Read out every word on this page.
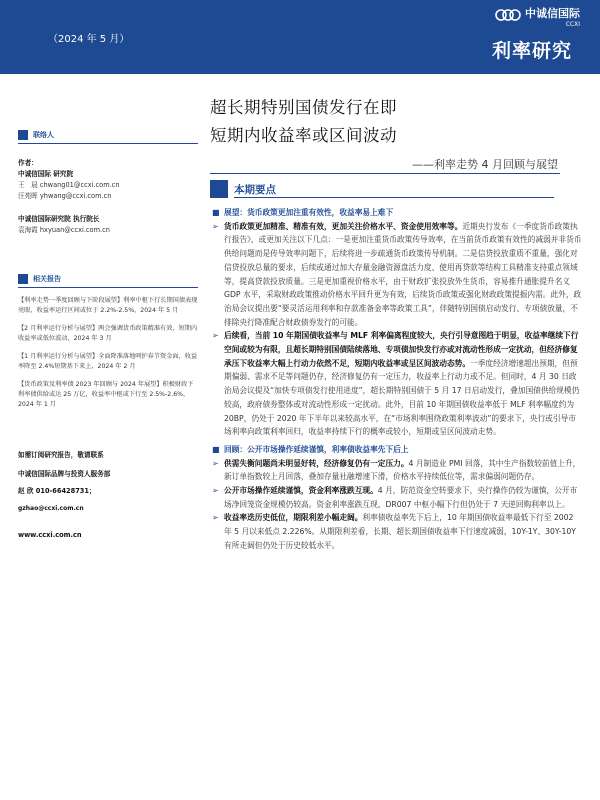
（2024 年 5 月）
中诚信国际
CCXI
利率研究
超长期特别国债发行在即
短期内收益率或区间波动
——利率走势 4 月回顾与展望
联络人
作者：
中诚信国际 研究院
王　晨 chwang01@ccxi.com.cn
汪苑晖 yhwang@ccxi.com.cn
中诚信国际研究院 执行院长
袁海霞 hxyuan@ccxi.com.cn
相关报告
【利率走势一季度回顾与下阶段展望】利率中枢下行长期国债表现亮眼，收益率运行区间或位于 2.2%-2.5%，2024 年 5 月
【2 月利率运行分析与展望】两会强调货币政策精准有效，短期内收益率或低位波动，2024 年 3 月
【1 月利率运行分析与展望】全面降准落地呵护春节资金面，收益率降至 2.4%短期基下来上，2024 年 2 月
【货币政策及利率债 2023 年回顾与 2024 年展望】积极财政下利率债供给或达 25 万亿，收益率中枢或下行至 2.5%-2.6%，2024 年 1 月
如需订阅研究报告，敬请联系
中诚信国际品牌与投资人服务部
赵 欣 010-66428731；
gzhao@ccxi.com.cn
www.ccxi.com.cn
本期要点
■ 展望：货币政策更加注重有效性，收益率易上难下
➢ 货币政策更加精准、精准有效，更加关注价格水平、资金使用效率等。近期央行发布《一季度货币政策执行报告》，或更加关注以下几点：一是更加注重货币政策传导效率，在当前货币政策有效性的减弱并非货币供给问题而是传导效率问题下，后续将进一步疏通货币政策传导机制。二是信贷投放重质不重量，强化对信贷投放总量的要求，后续或通过加大存量金融资源盘活力度、使用再贷款等结构工具精准支持重点领域等，提高贷款投放质量。三是更加重视价格水平，由于财政扩张投放外生货币，容易推升通胀提升名义 GDP 水平，采取财政政策推动价格水平回升更为有效，后续货币政策或强化财政政策提振内需。此外，政治局会议提出要“要灵活运用利率和存款准备金率等政策工具”，伴随特别国债启动发行、专项债放量，不排除央行降准配合财政债券发行的可能。
➢ 后续看，当前 10 年期国债收益率与 MLF 利率偏离程度较大，央行引导意图趋于明显，收益率继续下行空间或较为有限，且超长期特别国债陆续落地、专项债加快发行亦或对流动性形成一定扰动，但经济修复承压下收益率大幅上行动力依然不足，短期内收益率或呈区间波动态势。一季度经济增速超出预期，但预期偏弱、需求不足等问题仍存，经济修复仍有一定压力，收益率上行动力或不足。但同时，4 月 30 日政治局会议提及“加快专项债发行使用进度”，超长期特别国债于 5 月 17 日启动发行，叠加国债供给规模仍较高，政府债券整体或对流动性形成一定扰动。此外，目前 10 年期国债收益率低于 MLF 利率幅度约为 20BP，仍处于 2020 年下半年以来较高水平，在“市场利率围绕政策利率波动”的要求下，央行或引导市场利率向政策利率回归，收益率持续下行的概率或较小，短期或呈区间波动走势。
■ 回顾：公开市场操作延续谨慎，利率债收益率先下后上
➢ 供需失衡问题尚未明显好转，经济修复仍有一定压力。4 月制造业 PMI 回落，其中生产指数较前值上升，新订单指数较上月回落，叠加存量社融增速下滑，价格水平持续低位等，需求偏弱问题仍存。
➢ 公开市场操作延续谨慎，资金利率涨跌互现。4 月，防范资金空转要求下，央行操作仍较为谨慎，公开市场净回笼资金规模仍较高。资金利率涨跌互现，DR007 中枢小幅下行但仍处于 7 天逆回购利率以上。
➢ 收益率迭历史低位，期限利差小幅走阔。利率债收益率先下后上，10 年期国债收益率最低下行至 2002 年 5 月以来低点 2.226%。从期限利差看，长期、超长期国债收益率下行速度减弱，10Y-1Y、30Y-10Y 有所走阔但仍处于历史较低水平。
